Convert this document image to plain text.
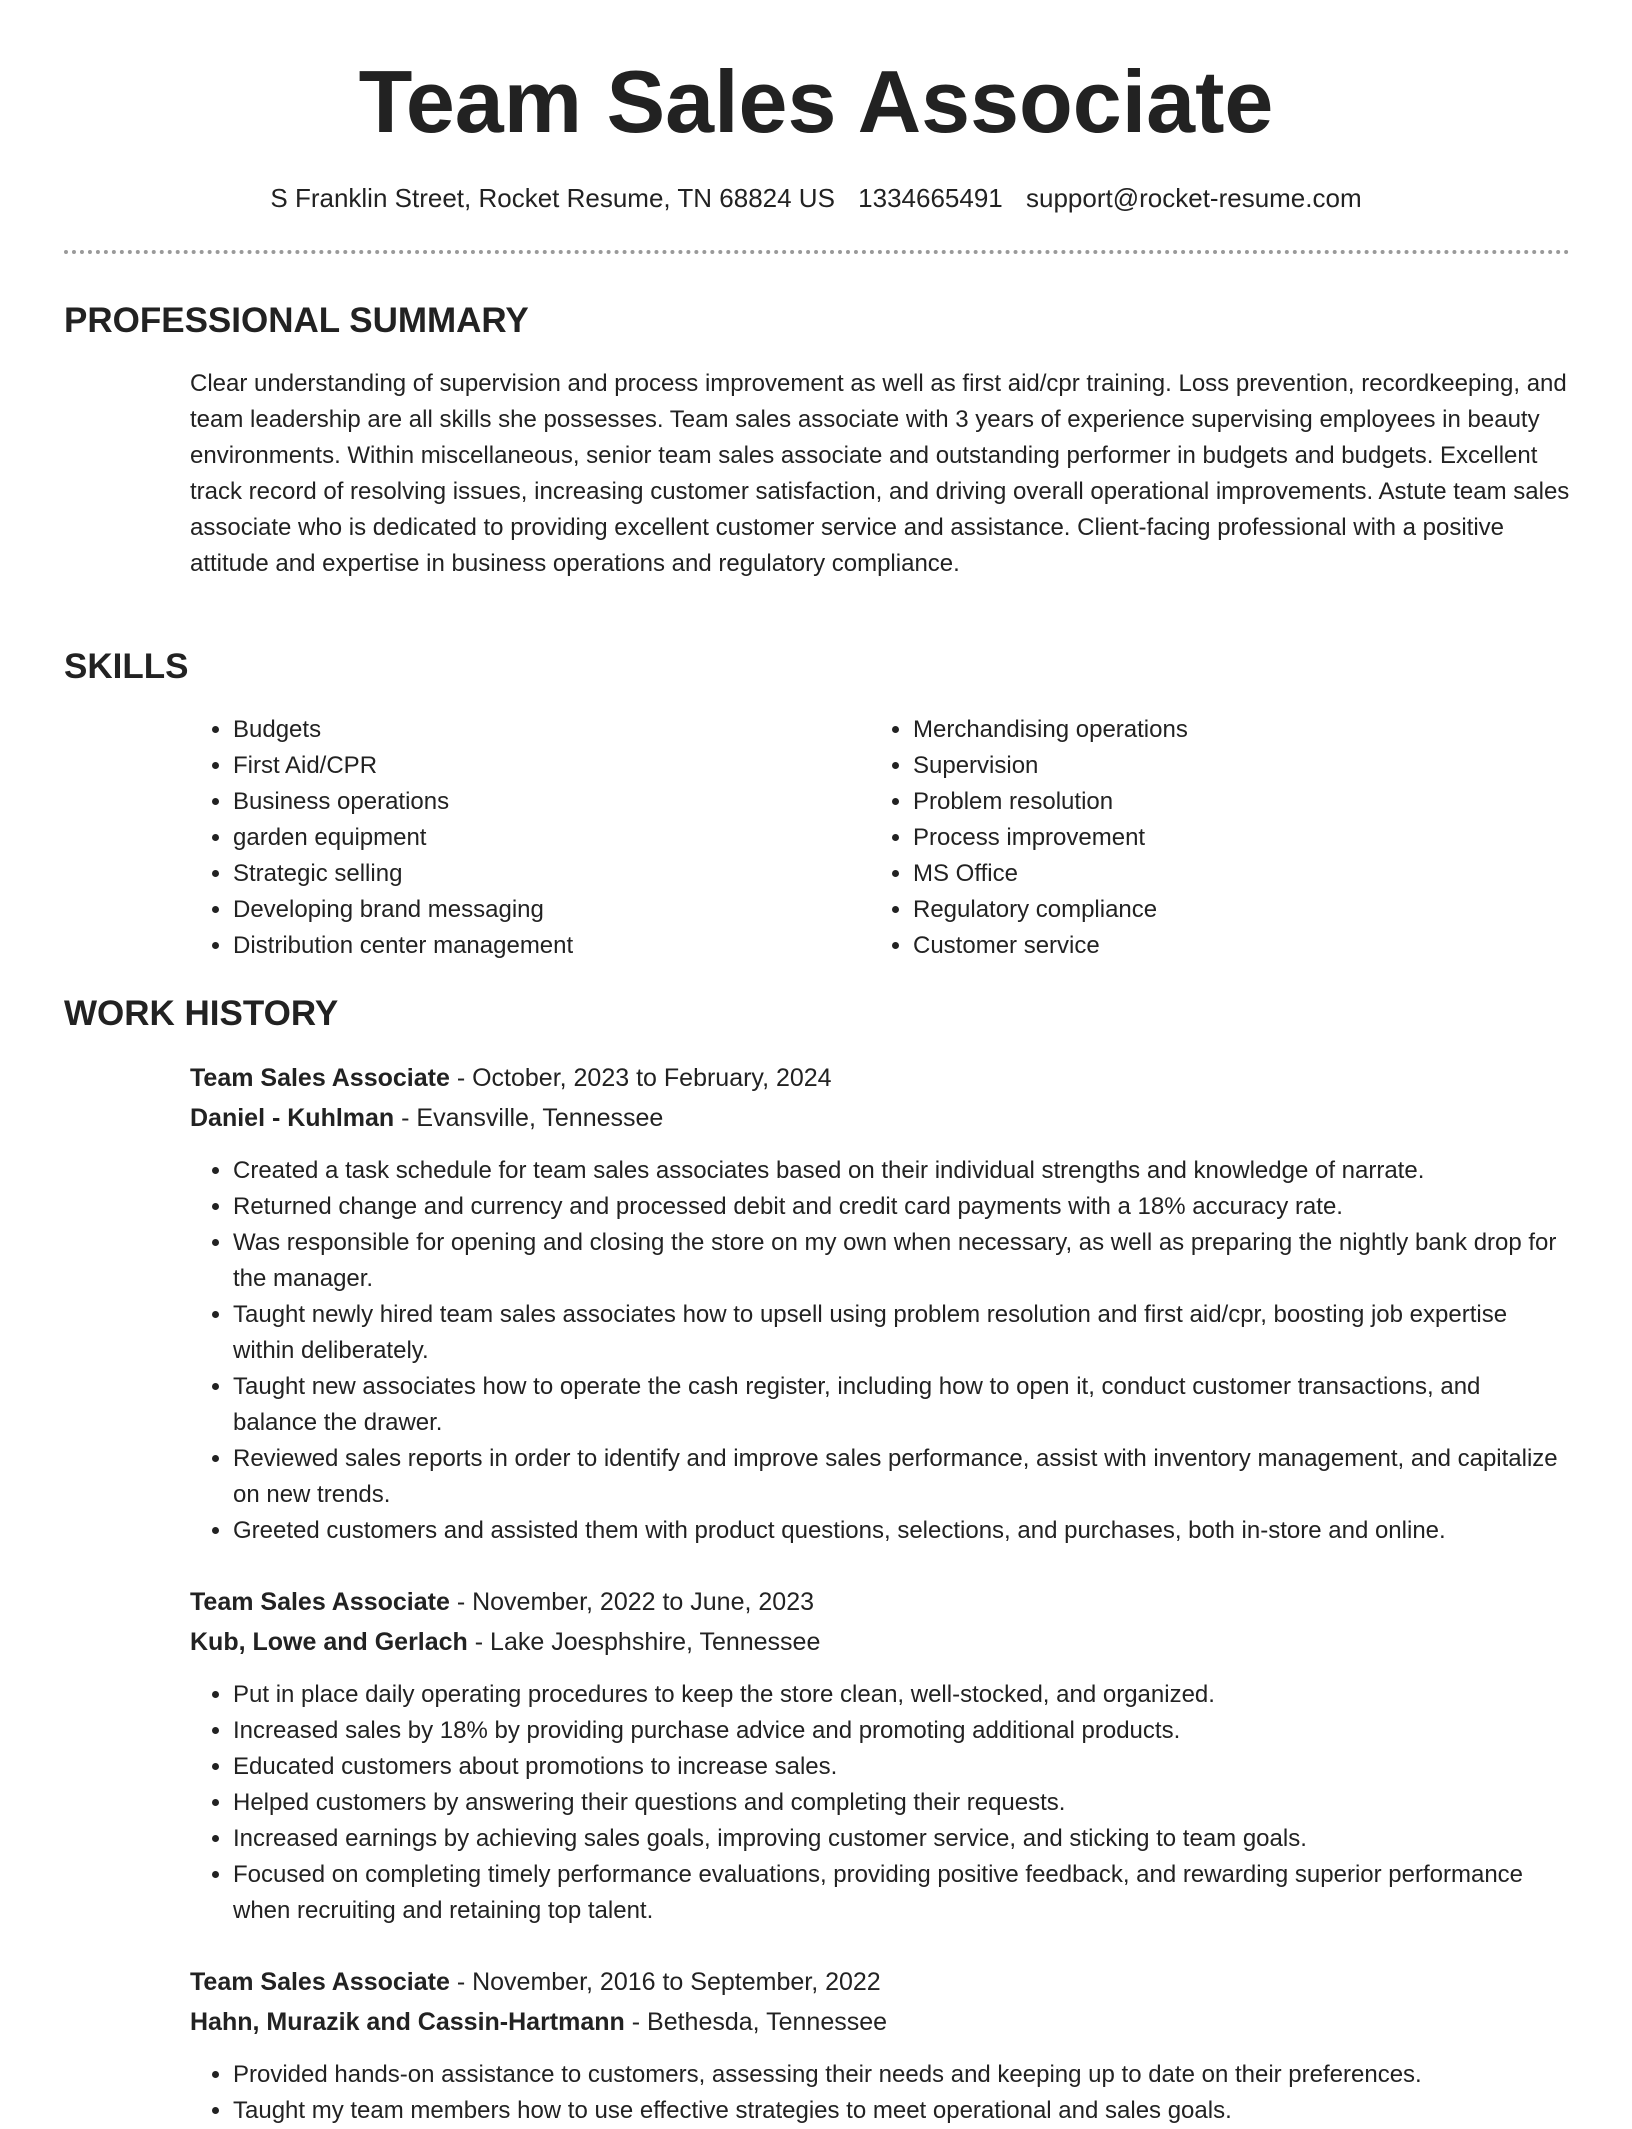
Team Sales Associate
S Franklin Street, Rocket Resume, TN 68824 US 1334665491 support@rocket-resume.com
PROFESSIONAL SUMMARY

Clear understanding of supervision and process improvement as well as first aid/cpr training. Loss prevention, recordkeeping, and team leadership are all skills she possesses. Team sales associate with 3 years of experience supervising employees in beauty environments. Within miscellaneous, senior team sales associate and outstanding performer in budgets and budgets. Excellent track record of resolving issues, increasing customer satisfaction, and driving overall operational improvements. Astute team sales associate who is dedicated to providing excellent customer service and assistance. Client-facing professional with a positive attitude and expertise in business operations and regulatory compliance.

SKILLS
• Budgets
• First Aid/CPR
• Business operations
• garden equipment
• Strategic selling
• Developing brand messaging
• Distribution center management
• Merchandising operations
• Supervision
• Problem resolution
• Process improvement
• MS Office
• Regulatory compliance
• Customer service
WORK HISTORY
Team Sales Associate - October, 2023 to February, 2024
Daniel - Kuhlman - Evansville, Tennessee
• Created a task schedule for team sales associates based on their individual strengths and knowledge of narrate.
• Returned change and currency and processed debit and credit card payments with a 18% accuracy rate.
• Was responsible for opening and closing the store on my own when necessary, as well as preparing the nightly bank drop for the manager.
• Taught newly hired team sales associates how to upsell using problem resolution and first aid/cpr, boosting job expertise within deliberately.
• Taught new associates how to operate the cash register, including how to open it, conduct customer transactions, and balance the drawer.
• Reviewed sales reports in order to identify and improve sales performance, assist with inventory management, and capitalize on new trends.
• Greeted customers and assisted them with product questions, selections, and purchases, both in-store and online.
Team Sales Associate - November, 2022 to June, 2023
Kub, Lowe and Gerlach - Lake Joesphshire, Tennessee
• Put in place daily operating procedures to keep the store clean, well-stocked, and organized.
• Increased sales by 18% by providing purchase advice and promoting additional products.
• Educated customers about promotions to increase sales.
• Helped customers by answering their questions and completing their requests.
• Increased earnings by achieving sales goals, improving customer service, and sticking to team goals.
• Focused on completing timely performance evaluations, providing positive feedback, and rewarding superior performance when recruiting and retaining top talent.
Team Sales Associate - November, 2016 to September, 2022
Hahn, Murazik and Cassin-Hartmann - Bethesda, Tennessee
• Provided hands-on assistance to customers, assessing their needs and keeping up to date on their preferences.
• Taught my team members how to use effective strategies to meet operational and sales goals.
